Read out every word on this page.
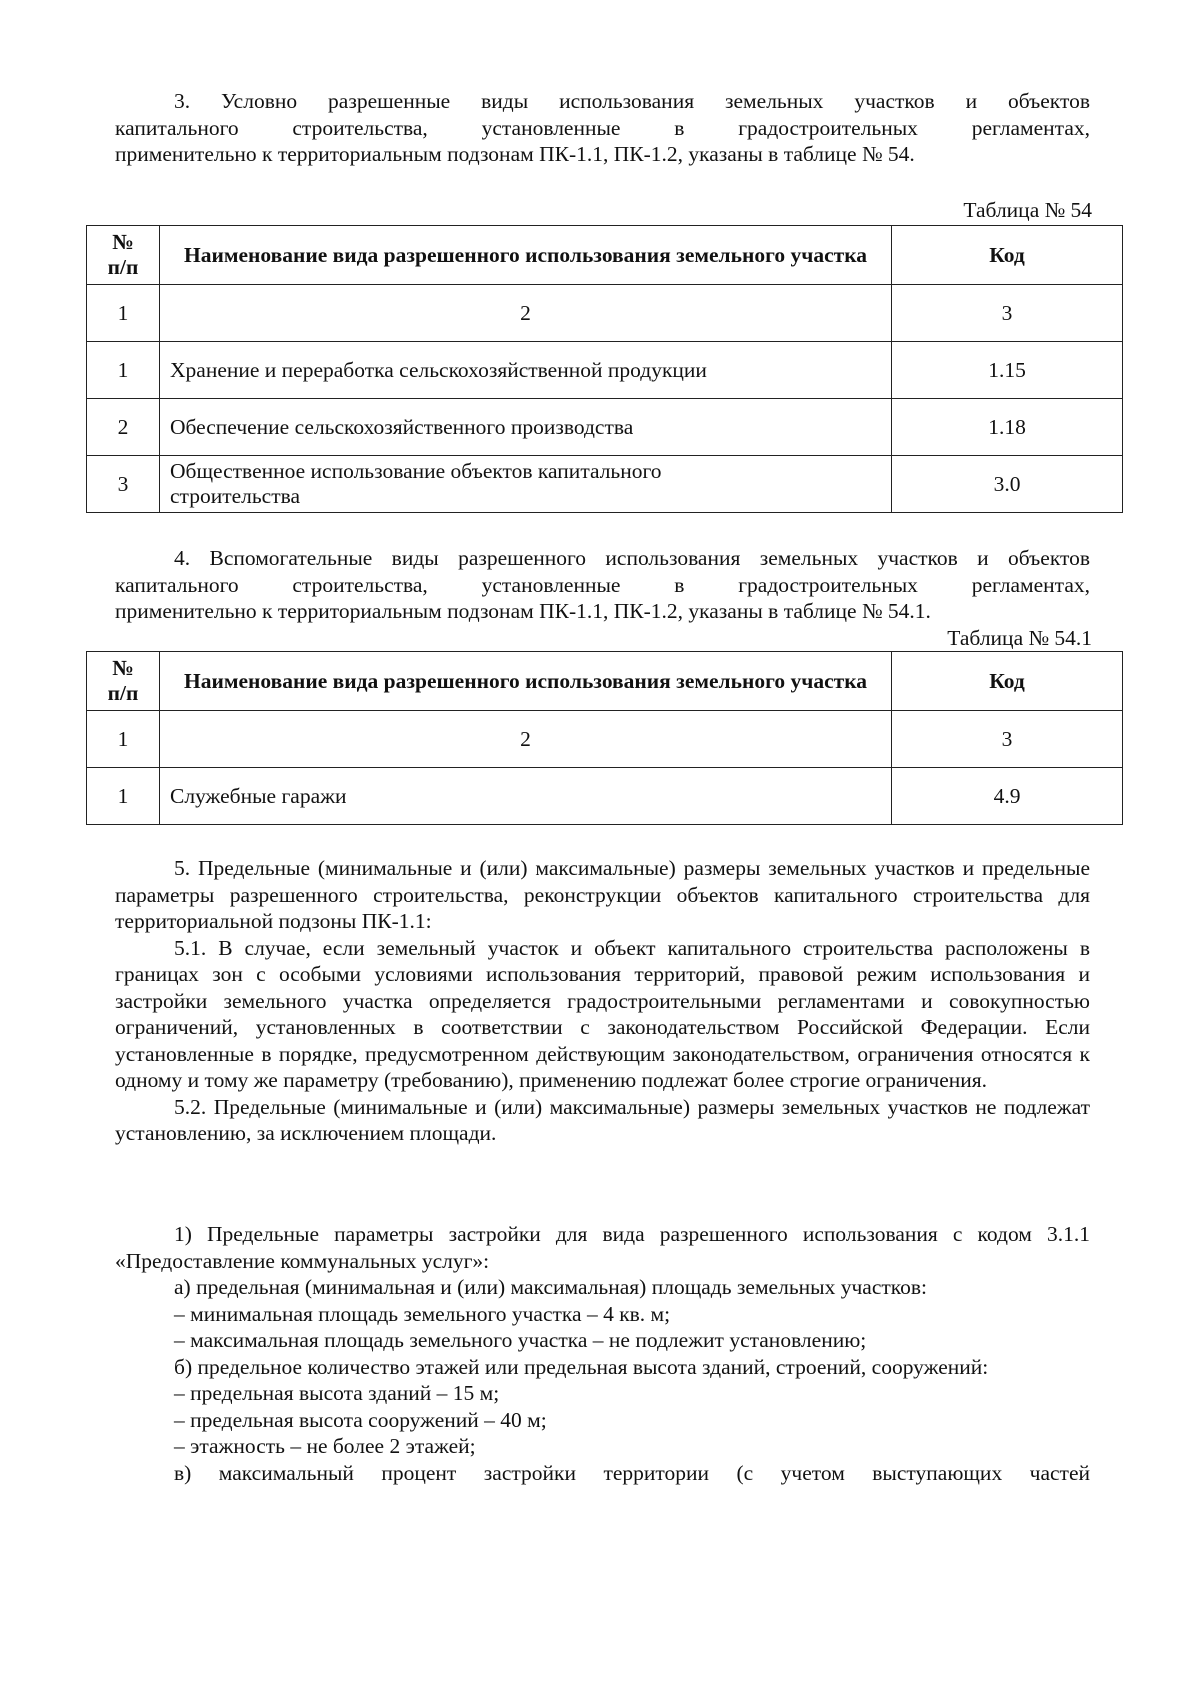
3. Условно разрешенные виды использования земельных участков и объектов

капитального строительства, установленные в градостроительных регламентах,

применительно к территориальным подзонам ПК-1.1, ПК-1.2, указаны в таблице № 54.

Таблица № 54
№
п/п	Наименование вида разрешенного использования земельного участка	Код
1	2	3
1	Хранение и переработка сельскохозяйственной продукции	1.15
2	Обеспечение сельскохозяйственного производства	1.18
3	Общественное использование объектов капитального строительства	3.0

4. Вспомогательные виды разрешенного использования земельных участков и объектов

капитального строительства, установленные в градостроительных регламентах,

применительно к территориальным подзонам ПК-1.1, ПК-1.2, указаны в таблице № 54.1.

Таблица № 54.1
№
п/п	Наименование вида разрешенного использования земельного участка	Код
1	2	3
1	Служебные гаражи	4.9

5. Предельные (минимальные и (или) максимальные) размеры земельных участков и предельные параметры разрешенного строительства, реконструкции объектов капитального строительства для территориальной подзоны ПК-1.1:

5.1. В случае, если земельный участок и объект капитального строительства расположены в границах зон с особыми условиями использования территорий, правовой режим использования и застройки земельного участка определяется градостроительными регламентами и совокупностью ограничений, установленных в соответствии с законодательством Российской Федерации. Если установленные в порядке, предусмотренном действующим законодательством, ограничения относятся к одному и тому же параметру (требованию), применению подлежат более строгие ограничения.

5.2. Предельные (минимальные и (или) максимальные) размеры земельных участков не подлежат установлению, за исключением площади.

1) Предельные параметры застройки для вида разрешенного использования с кодом 3.1.1 «Предоставление коммунальных услуг»:

а) предельная (минимальная и (или) максимальная) площадь земельных участков:

– минимальная площадь земельного участка – 4 кв. м;

– максимальная площадь земельного участка – не подлежит установлению;

б) предельное количество этажей или предельная высота зданий, строений, сооружений:

– предельная высота зданий – 15 м;

– предельная высота сооружений – 40 м;

– этажность – не более 2 этажей;

в) максимальный процент застройки территории (с учетом выступающих частей
